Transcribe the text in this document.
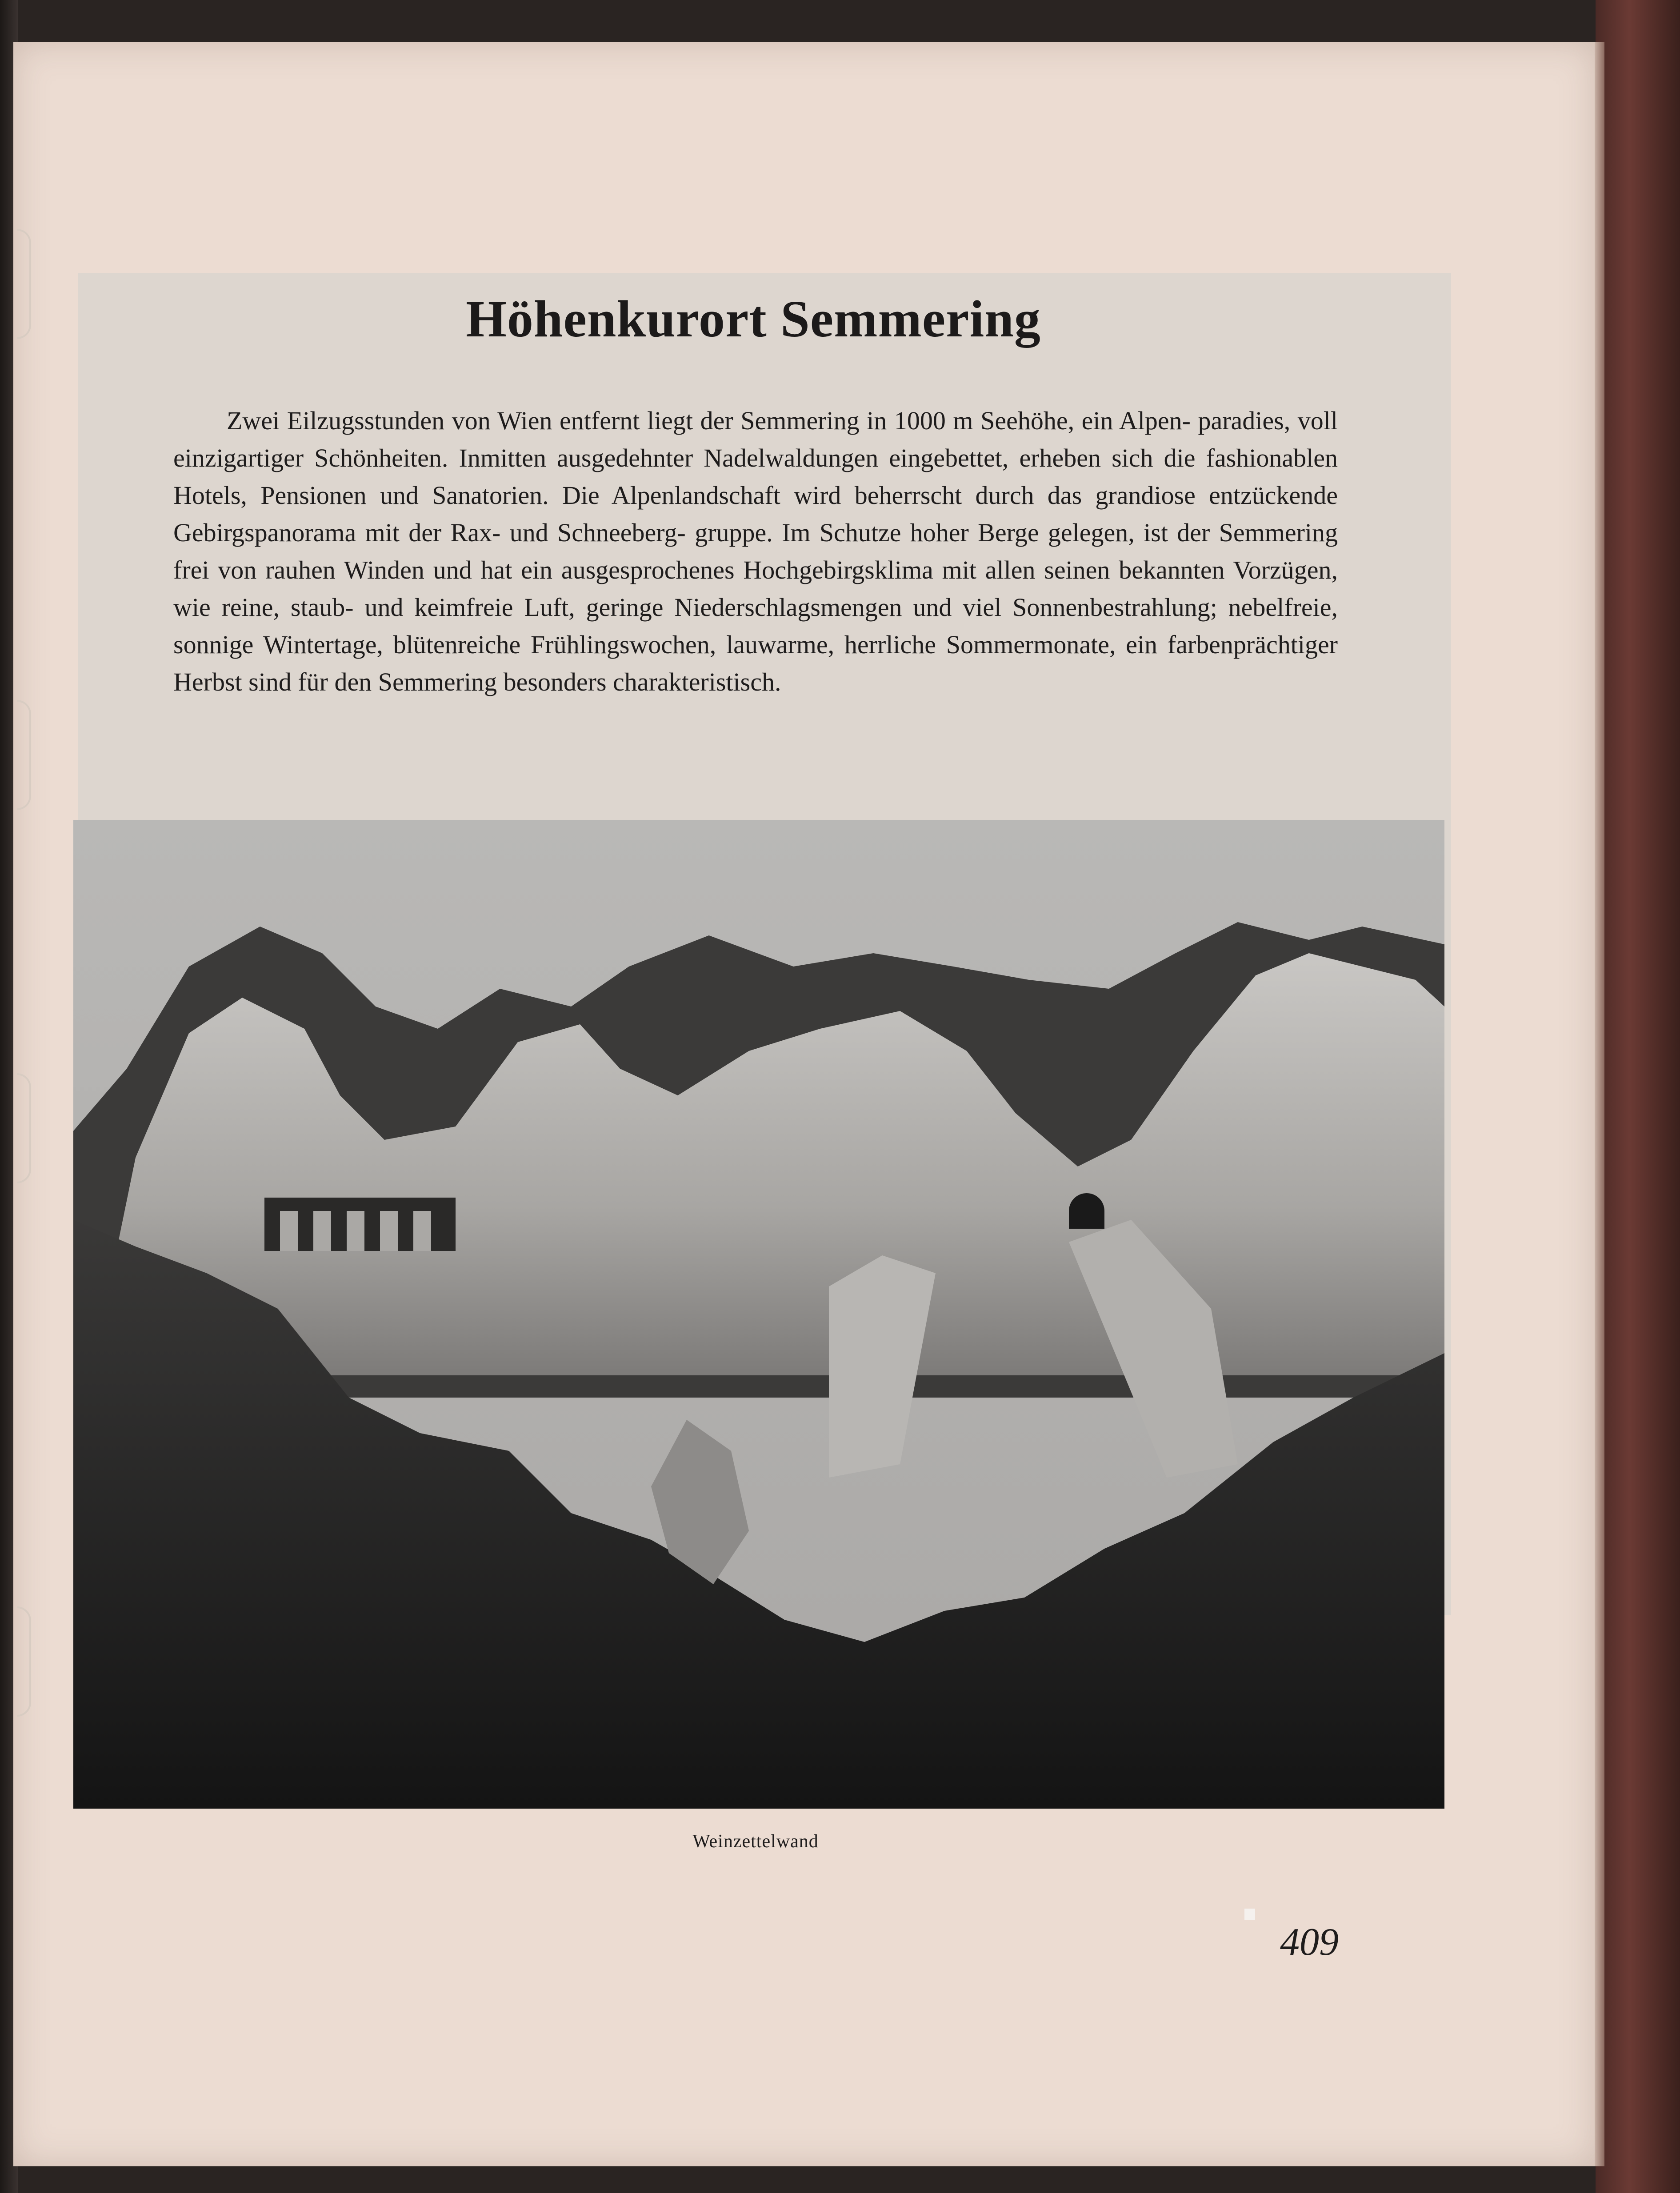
Höhenkurort Semmering

Zwei Eilzugsstunden von Wien entfernt liegt der Semmering in 1000 m Seehöhe, ein Alpen- paradies, voll einzigartiger Schönheiten. Inmitten ausgedehnter Nadelwaldungen eingebettet, erheben sich die fashionablen Hotels, Pensionen und Sanatorien. Die Alpenlandschaft wird beherrscht durch das grandiose entzückende Gebirgspanorama mit der Rax- und Schneeberg- gruppe. Im Schutze hoher Berge gelegen, ist der Semmering frei von rauhen Winden und hat ein ausgesprochenes Hochgebirgsklima mit allen seinen bekannten Vorzügen, wie reine, staub- und keimfreie Luft, geringe Niederschlagsmengen und viel Sonnenbestrahlung; nebelfreie, sonnige Wintertage, blütenreiche Frühlingswochen, lauwarme, herrliche Sommermonate, ein farbenprächtiger Herbst sind für den Semmering besonders charakteristisch.

Weinzettelwand
409
